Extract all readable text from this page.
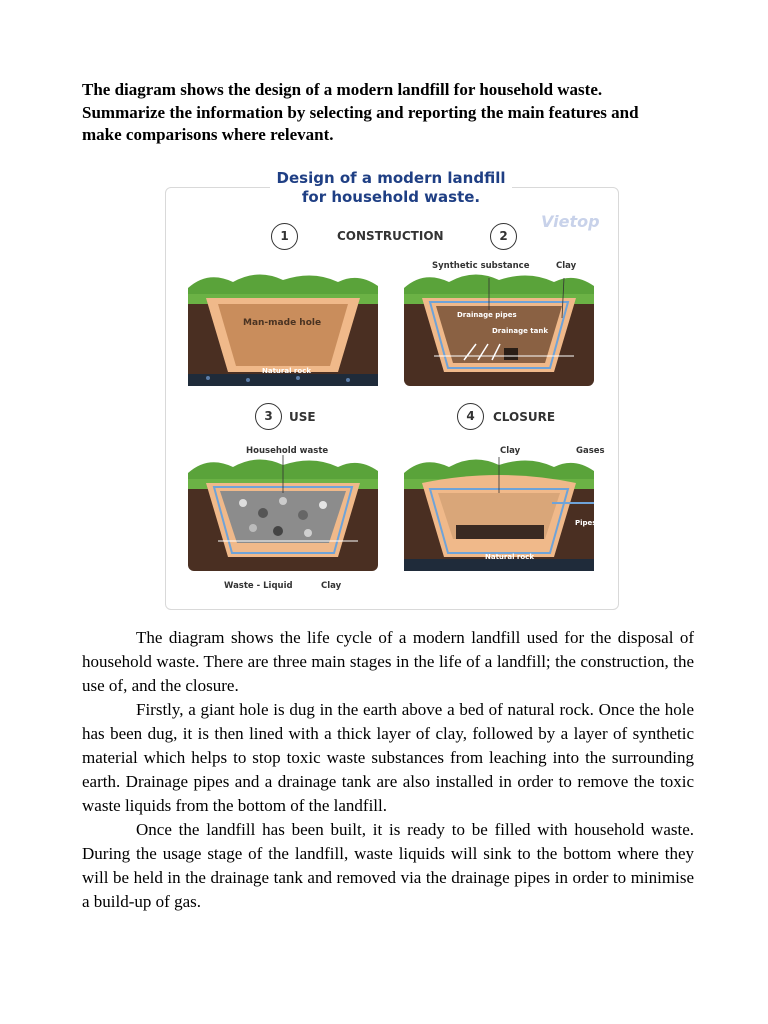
The diagram shows the design of a modern landfill for household waste.

Summarize the information by selecting and reporting the main features and make comparisons where relevant.

Design of a modern landfill for household waste.
Vietop
1	CONSTRUCTION	2
3	USE	4	CLOSURE
Man-made hole
Natural rock
Synthetic substance	Clay
Drainage pipes
Drainage tank
Household waste
Waste - Liquid	Clay
Clay	Gases
Pipes
Natural rock

The diagram shows the life cycle of a modern landfill used for the disposal of household waste. There are three main stages in the life of a landfill; the construction, the use of, and the closure.

Firstly, a giant hole is dug in the earth above a bed of natural rock. Once the hole has been dug, it is then lined with a thick layer of clay, followed by a layer of synthetic material which helps to stop toxic waste substances from leaching into the surrounding earth. Drainage pipes and a drainage tank are also installed in order to remove the toxic waste liquids from the bottom of the landfill.

Once the landfill has been built, it is ready to be filled with household waste. During the usage stage of the landfill, waste liquids will sink to the bottom where they will be held in the drainage tank and removed via the drainage pipes in order to minimise a build-up of gas.
